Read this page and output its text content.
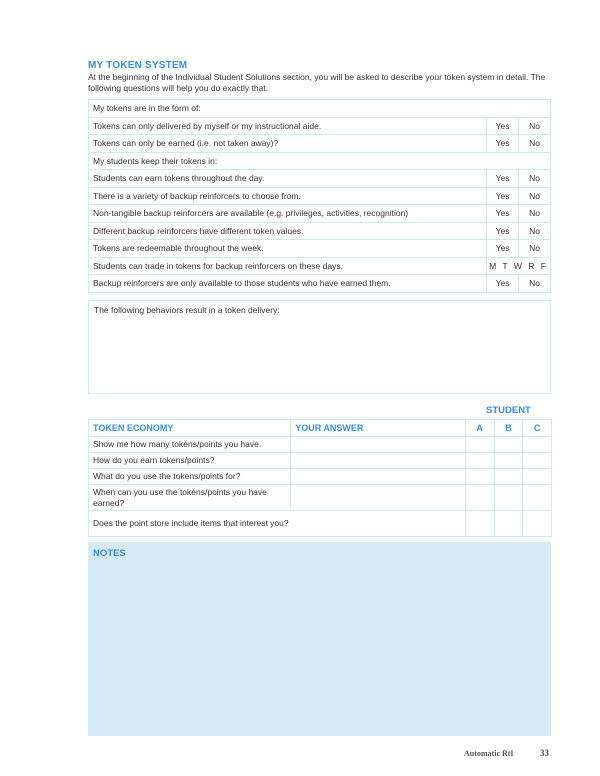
MY TOKEN SYSTEM
At the beginning of the Individual Student Solutions section, you will be asked to describe your token system in detail. The following questions will help you do exactly that.
My tokens are in the form of:		
Tokens can only delivered by myself or my instructional aide.	Yes	No
Tokens can only be earned (i.e. not taken away)?	Yes	No
My students keep their tokens in:		
Students can earn tokens throughout the day.	Yes	No
There is a variety of backup reinforcers to choose from.	Yes	No
Non-tangible backup reinforcers are available (e.g. privileges, activities, recognition)	Yes	No
Different backup reinforcers have different token values.	Yes	No
Tokens are redeemable throughout the week.	Yes	No
Students can trade in tokens for backup reinforcers on these days.	M T W R F	
Backup reinforcers are only available to those students who have earned them.	Yes	No
The following behaviors result in a token delivery:
STUDENT
TOKEN ECONOMY	YOUR ANSWER	A	B	C
Show me how many tokens/points you have.				
How do you earn tokens/points?				
What do you use the tokens/points for?				
When can you use the tokens/points you have earned?				
Does the point store include items that interest you?				
NOTES
Automatic RtI	33
